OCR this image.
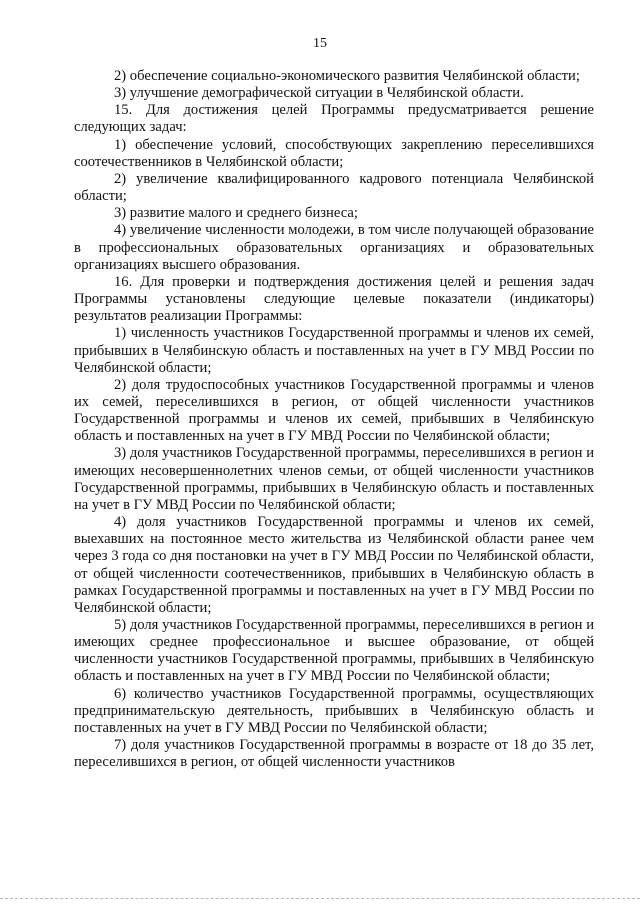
15

2) обеспечение социально-экономического развития Челябинской области;

3) улучшение демографической ситуации в Челябинской области.

15. Для достижения целей Программы предусматривается решение следующих задач:

1) обеспечение условий, способствующих закреплению переселившихся соотечественников в Челябинской области;

2) увеличение квалифицированного кадрового потенциала Челябинской области;

3) развитие малого и среднего бизнеса;

4) увеличение численности молодежи, в том числе получающей образование в профессиональных образовательных организациях и образовательных организациях высшего образования.

16. Для проверки и подтверждения достижения целей и решения задач Программы установлены следующие целевые показатели (индикаторы) результатов реализации Программы:

1) численность участников Государственной программы и членов их семей, прибывших в Челябинскую область и поставленных на учет в ГУ МВД России по Челябинской области;

2) доля трудоспособных участников Государственной программы и членов их семей, переселившихся в регион, от общей численности участников Государственной программы и членов их семей, прибывших в Челябинскую область и поставленных на учет в ГУ МВД России по Челябинской области;

3) доля участников Государственной программы, переселившихся в регион и имеющих несовершеннолетних членов семьи, от общей численности участников Государственной программы, прибывших в Челябинскую область и поставленных на учет в ГУ МВД России по Челябинской области;

4) доля участников Государственной программы и членов их семей, выехавших на постоянное место жительства из Челябинской области ранее чем через 3 года со дня постановки на учет в ГУ МВД России по Челябинской области, от общей численности соотечественников, прибывших в Челябинскую область в рамках Государственной программы и поставленных на учет в ГУ МВД России по Челябинской области;

5) доля участников Государственной программы, переселившихся в регион и имеющих среднее профессиональное и высшее образование, от общей численности участников Государственной программы, прибывших в Челябинскую область и поставленных на учет в ГУ МВД России по Челябинской области;

6) количество участников Государственной программы, осуществляющих предпринимательскую деятельность, прибывших в Челябинскую область и поставленных на учет в ГУ МВД России по Челябинской области;

7) доля участников Государственной программы в возрасте от 18 до 35 лет, переселившихся в регион, от общей численности участников
